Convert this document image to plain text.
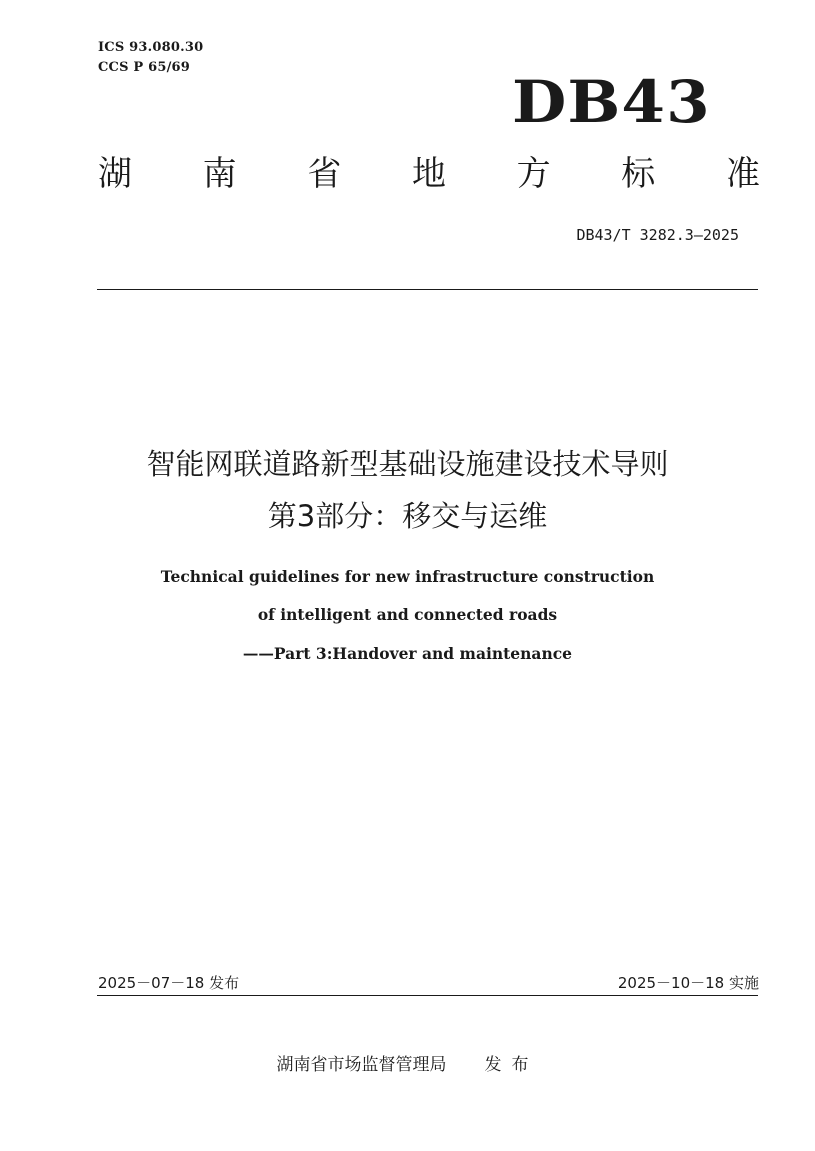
ICS 93.080.30
CCS P 65/69
DB43
湖 南 省 地 方 标 准
DB43/T 3282.3—2025
智能网联道路新型基础设施建设技术导则
第3部分：移交与运维
Technical guidelines for new infrastructure construction
of intelligent and connected roads
——Part 3:Handover and maintenance
2025－07－18 发布	2025－10－18 实施
湖南省市场监督管理局 发布
